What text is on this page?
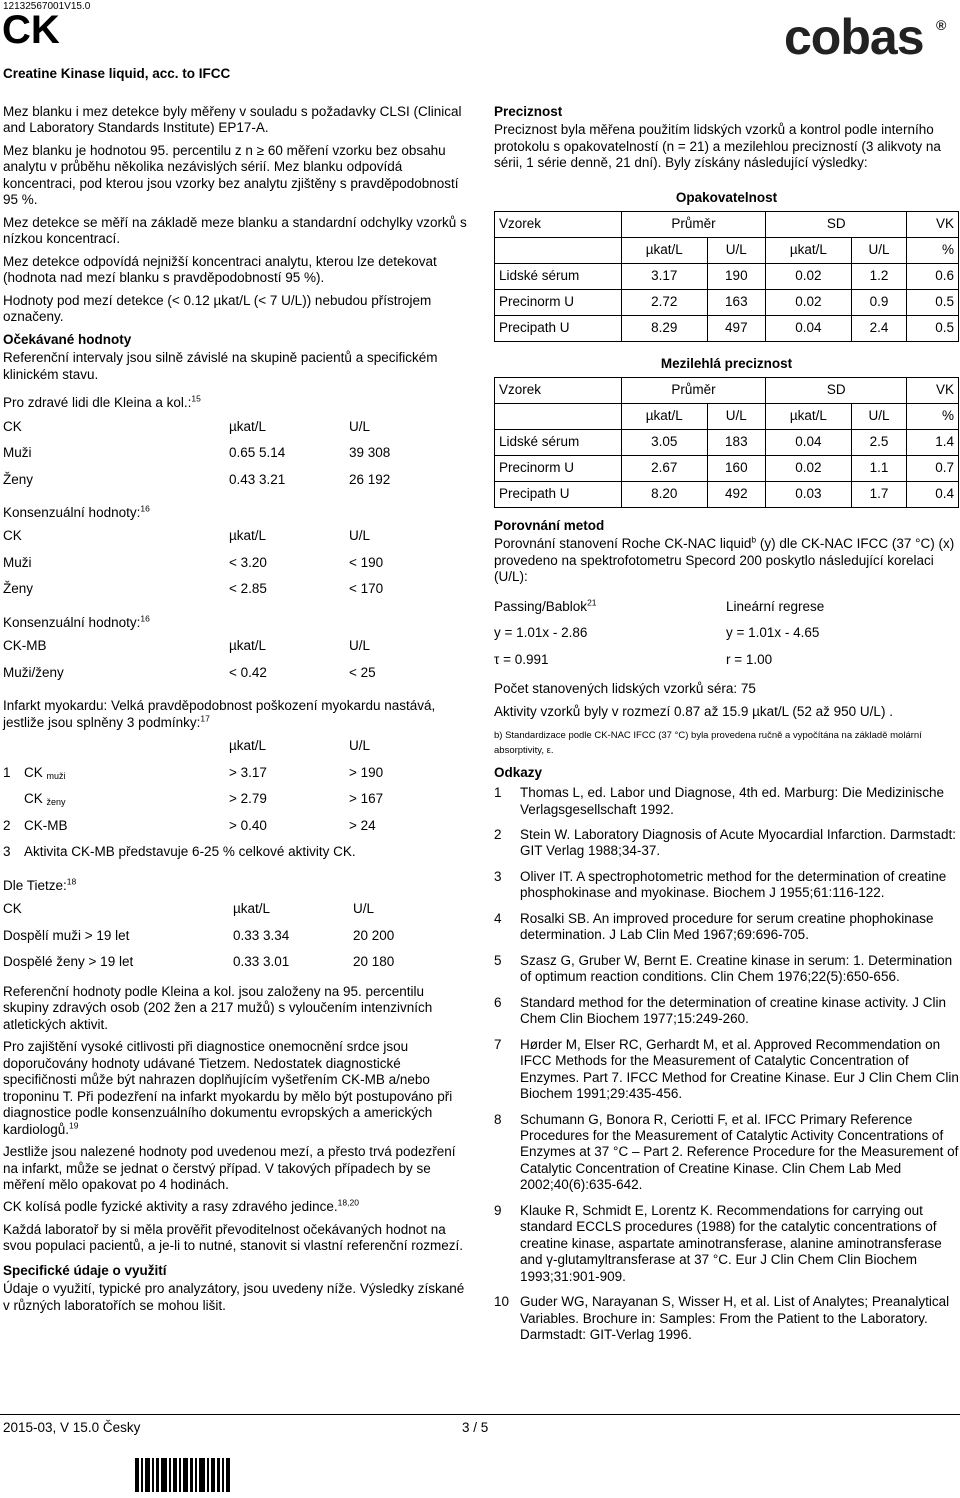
12132567001V15.0
CK
Creatine Kinase liquid, acc. to IFCC
cobas ®

Mez blanku i mez detekce byly měřeny v souladu s požadavky CLSI (Clinical and Laboratory Standards Institute) EP17-A.

Mez blanku je hodnotou 95. percentilu z n ≥ 60 měření vzorku bez obsahu analytu v průběhu několika nezávislých sérií. Mez blanku odpovídá koncentraci, pod kterou jsou vzorky bez analytu zjištěny s pravděpodobností 95 %.

Mez detekce se měří na základě meze blanku a standardní odchylky vzorků s nízkou koncentrací.

Mez detekce odpovídá nejnižší koncentraci analytu, kterou lze detekovat (hodnota nad mezí blanku s pravděpodobností 95 %).

Hodnoty pod mezí detekce (< 0.12 µkat/L (< 7 U/L)) nebudou přístrojem označeny.

Očekávané hodnoty

Referenční intervaly jsou silně závislé na skupině pacientů a specifickém klinickém stavu.

Pro zdravé lidi dle Kleina a kol.:$^{15}$
CK	µkat/L	U/L
Muži	0.65 5.14	39 308
Ženy	0.43 3.21	26 192
Konsenzuální hodnoty:$^{16}$
CK	µkat/L	U/L
Muži	< 3.20	< 190
Ženy	< 2.85	< 170
Konsenzuální hodnoty:$^{16}$
CK-MB	µkat/L	U/L
Muži/ženy	< 0.42	< 25
Infarkt myokardu: Velká pravděpodobnost poškození myokardu nastává, jestliže jsou splněny 3 podmínky:$^{17}$
		µkat/L	U/L
1	CK $_{muži}$	> 3.17	> 190
	CK $_{ženy}$	> 2.79	> 167
2	CK-MB	> 0.40	> 24
3	Aktivita CK-MB představuje 6-25 % celkové aktivity CK.		
Dle Tietze:$^{18}$
CK	µkat/L	U/L
Dospělí muži > 19 let	0.33 3.34	20 200
Dospělé ženy > 19 let	0.33 3.01	20 180

Referenční hodnoty podle Kleina a kol. jsou založeny na 95. percentilu skupiny zdravých osob (202 žen a 217 mužů) s vyloučením intenzivních atletických aktivit.

Pro zajištění vysoké citlivosti při diagnostice onemocnění srdce jsou doporučovány hodnoty udávané Tietzem. Nedostatek diagnostické specifičnosti může být nahrazen doplňujícím vyšetřením CK-MB a/nebo troponinu T. Při podezření na infarkt myokardu by mělo být postupováno při diagnostice podle konsenzuálního dokumentu evropských a amerických kardiologů.$^{19}$

Jestliže jsou nalezené hodnoty pod uvedenou mezí, a přesto trvá podezření na infarkt, může se jednat o čerstvý případ. V takových případech by se měření mělo opakovat po 4 hodinách.

CK kolísá podle fyzické aktivity a rasy zdravého jedince.$^{18,20}$

Každá laboratoř by si měla prověřit převoditelnost očekávaných hodnot na svou populaci pacientů, a je-li to nutné, stanovit si vlastní referenční rozmezí.

Specifické údaje o využití

Údaje o využití, typické pro analyzátory, jsou uvedeny níže. Výsledky získané v různých laboratořích se mohou lišit.

Preciznost

Preciznost byla měřena použitím lidských vzorků a kontrol podle interního protokolu s opakovatelností (n = 21) a mezilehlou precizností (3 alikvoty na sérii, 1 série denně, 21 dní). Byly získány následující výsledky:

Opakovatelnost					
Vzorek	Průměr		SD		VK
	µkat/L	U/L	µkat/L	U/L	%
Lidské sérum	3.17	190	0.02	1.2	0.6
Precinorm U	2.72	163	0.02	0.9	0.5
Precipath U	8.29	497	0.04	2.4	0.5
Mezilehlá preciznost					
Vzorek	Průměr		SD		VK
	µkat/L	U/L	µkat/L	U/L	%
Lidské sérum	3.05	183	0.04	2.5	1.4
Precinorm U	2.67	160	0.02	1.1	0.7
Precipath U	8.20	492	0.03	1.7	0.4
Porovnání metod

Porovnání stanovení Roche CK-NAC liquid$^b$ (y) dle CK-NAC IFCC (37 °C) (x) provedeno na spektrofotometru Specord 200 poskytlo následující korelaci (U/L):

Passing/Bablok$^{21}$	Lineární regrese
y = 1.01x - 2.86	y = 1.01x - 4.65
τ = 0.991	r = 1.00

Počet stanovených lidských vzorků séra: 75

Aktivity vzorků byly v rozmezí 0.87 až 15.9 µkat/L (52 až 950 U/L) .

b) Standardizace podle CK-NAC IFCC (37 °C) byla provedena ručně a vypočítána na základě molární absorptivity, ε.
Odkazy
1	Thomas L, ed. Labor und Diagnose, 4th ed. Marburg: Die Medizinische Verlagsgesellschaft 1992.
2	Stein W. Laboratory Diagnosis of Acute Myocardial Infarction. Darmstadt: GIT Verlag 1988;34-37.
3	Oliver IT. A spectrophotometric method for the determination of creatine phosphokinase and myokinase. Biochem J 1955;61:116-122.
4	Rosalki SB. An improved procedure for serum creatine phophokinase determination. J Lab Clin Med 1967;69:696-705.
5	Szasz G, Gruber W, Bernt E. Creatine kinase in serum: 1. Determination of optimum reaction conditions. Clin Chem 1976;22(5):650-656.
6	Standard method for the determination of creatine kinase activity. J Clin Chem Clin Biochem 1977;15:249-260.
7	Hørder M, Elser RC, Gerhardt M, et al. Approved Recommendation on IFCC Methods for the Measurement of Catalytic Concentration of Enzymes. Part 7. IFCC Method for Creatine Kinase. Eur J Clin Chem Clin Biochem 1991;29:435-456.
8	Schumann G, Bonora R, Ceriotti F, et al. IFCC Primary Reference Procedures for the Measurement of Catalytic Activity Concentrations of Enzymes at 37 °C – Part 2. Reference Procedure for the Measurement of Catalytic Concentration of Creatine Kinase. Clin Chem Lab Med 2002;40(6):635-642.
9	Klauke R, Schmidt E, Lorentz K. Recommendations for carrying out standard ECCLS procedures (1988) for the catalytic concentrations of creatine kinase, aspartate aminotransferase, alanine aminotransferase and γ-glutamyltransferase at 37 °C. Eur J Clin Chem Clin Biochem 1993;31:901-909.
10 Guder WG, Narayanan S, Wisser H, et al. List of Analytes; Preanalytical Variables. Brochure in: Samples: From the Patient to the Laboratory. Darmstadt: GIT-Verlag 1996.
2015-03, V 15.0 Česky	3 / 5
